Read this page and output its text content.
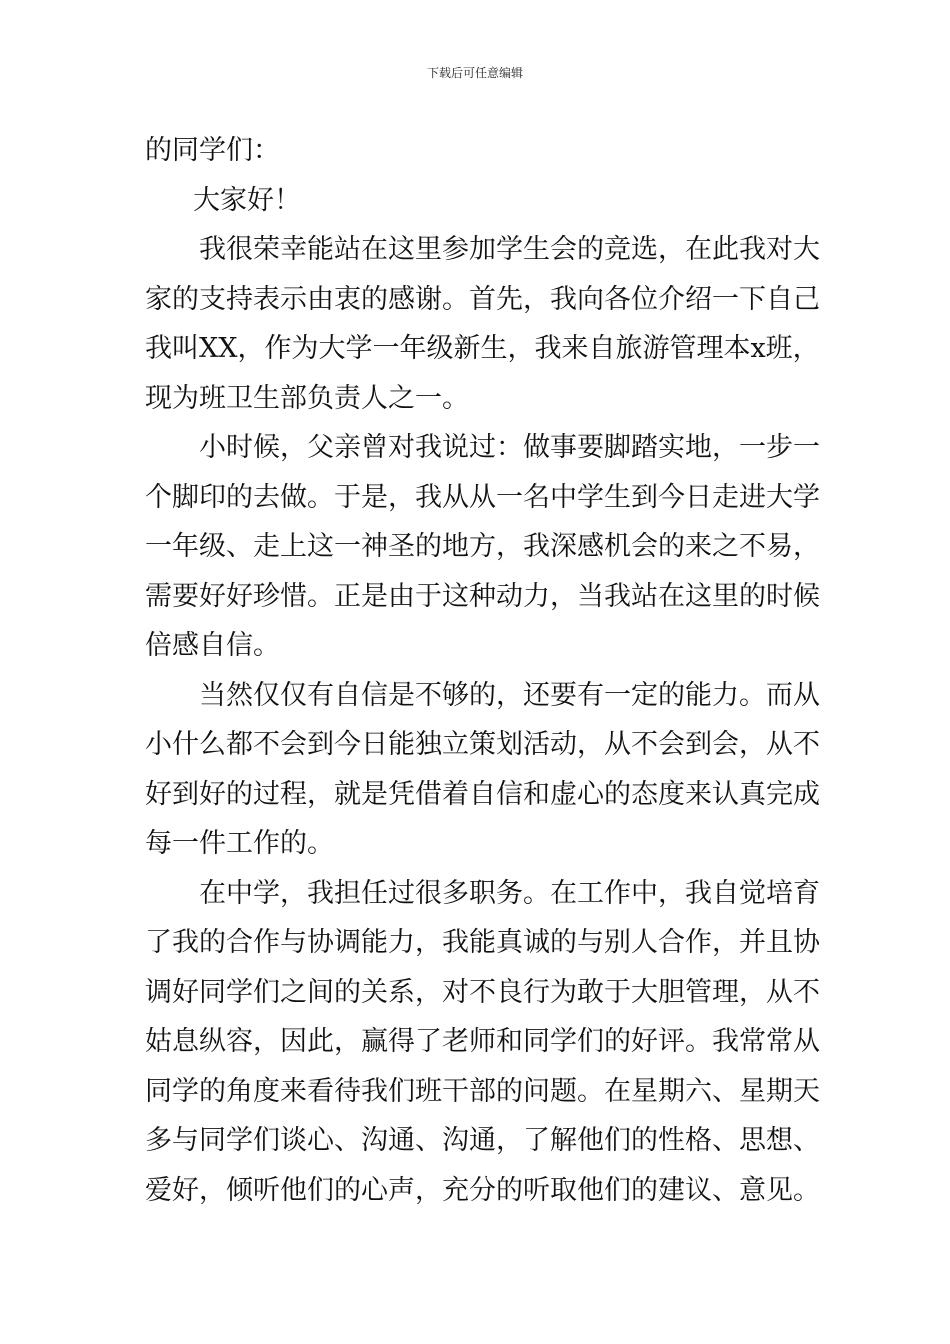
下载后可任意编辑
的同学们：
大家好！
我很荣幸能站在这里参加学生会的竞选，在此我对大
家的支持表示由衷的感谢。首先，我向各位介绍一下自己
我叫XX，作为大学一年级新生，我来自旅游管理本x班，
现为班卫生部负责人之一。
小时候，父亲曾对我说过：做事要脚踏实地，一步一
个脚印的去做。于是，我从从一名中学生到今日走进大学
一年级、走上这一神圣的地方，我深感机会的来之不易，
需要好好珍惜。正是由于这种动力，当我站在这里的时候
倍感自信。
当然仅仅有自信是不够的，还要有一定的能力。而从
小什么都不会到今日能独立策划活动，从不会到会，从不
好到好的过程，就是凭借着自信和虚心的态度来认真完成
每一件工作的。
在中学，我担任过很多职务。在工作中，我自觉培育
了我的合作与协调能力，我能真诚的与别人合作，并且协
调好同学们之间的关系，对不良行为敢于大胆管理，从不
姑息纵容，因此，赢得了老师和同学们的好评。我常常从
同学的角度来看待我们班干部的问题。在星期六、星期天
多与同学们谈心、沟通、沟通，了解他们的性格、思想、
爱好，倾听他们的心声，充分的听取他们的建议、意见。
